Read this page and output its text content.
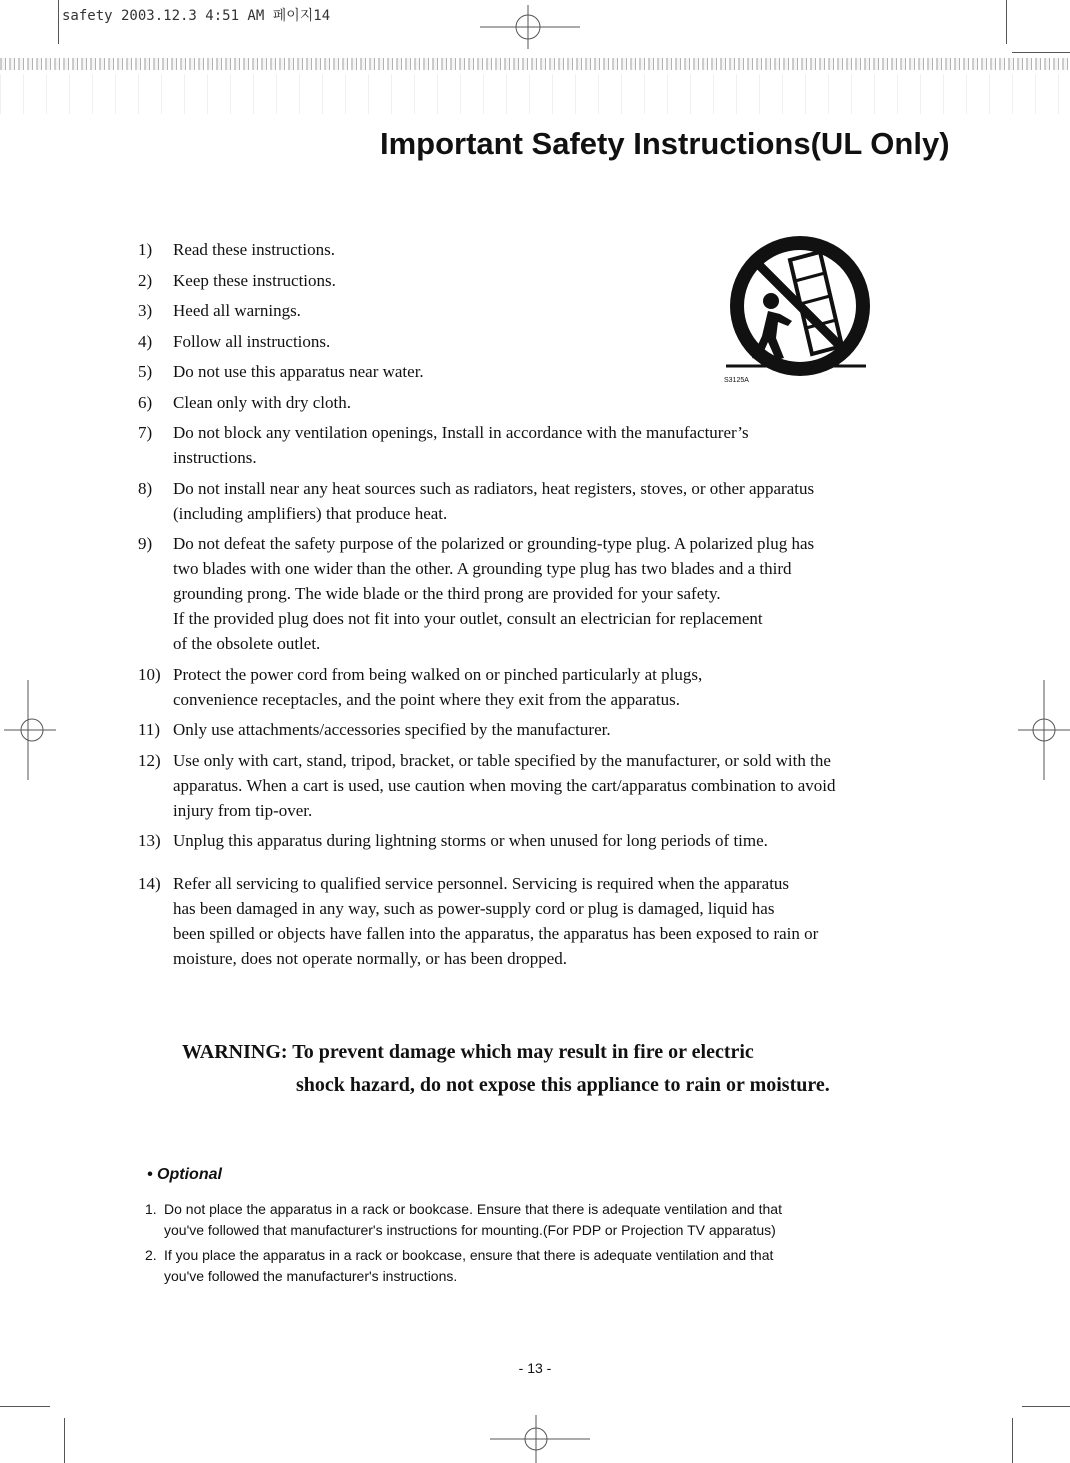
safety 2003.12.3 4:51 AM 페이지14
Important Safety Instructions(UL Only)
S3125A
1)	Read these instructions.
2)	Keep these instructions.
3)	Heed all warnings.
4)	Follow all instructions.
5)	Do not use this apparatus near water.
6)	Clean only with dry cloth.
7)	Do not block any ventilation openings, Install in accordance with the manufacturer’s
instructions.
8)	Do not install near any heat sources such as radiators, heat registers, stoves, or other apparatus
(including amplifiers) that produce heat.
9)	Do not defeat the safety purpose of the polarized or grounding-type plug. A polarized plug has
two blades with one wider than the other. A grounding type plug has two blades and a third
grounding prong. The wide blade or the third prong are provided for your safety.
If the provided plug does not fit into your outlet, consult an electrician for replacement
of the obsolete outlet.
10) Protect the power cord from being walked on or pinched particularly at plugs,
convenience receptacles, and the point where they exit from the apparatus.
11) Only use attachments/accessories specified by the manufacturer.
12) Use only with cart, stand, tripod, bracket, or table specified by the manufacturer, or sold with the
apparatus. When a cart is used, use caution when moving the cart/apparatus combination to avoid
injury from tip-over.
13) Unplug this apparatus during lightning storms or when unused for long periods of time.
14) Refer all servicing to qualified service personnel. Servicing is required when the apparatus
has been damaged in any way, such as power-supply cord or plug is damaged, liquid has
been spilled or objects have fallen into the apparatus, the apparatus has been exposed to rain or
moisture, does not operate normally, or has been dropped.
WARNING: To prevent damage which may result in fire or electric
shock hazard, do not expose this appliance to rain or moisture.
• Optional
1. Do not place the apparatus in a rack or bookcase. Ensure that there is adequate ventilation and that
you've followed that manufacturer's instructions for mounting.(For PDP or Projection TV apparatus)
2. If you place the apparatus in a rack or bookcase, ensure that there is adequate ventilation and that
you've followed the manufacturer's instructions.
- 13 -
